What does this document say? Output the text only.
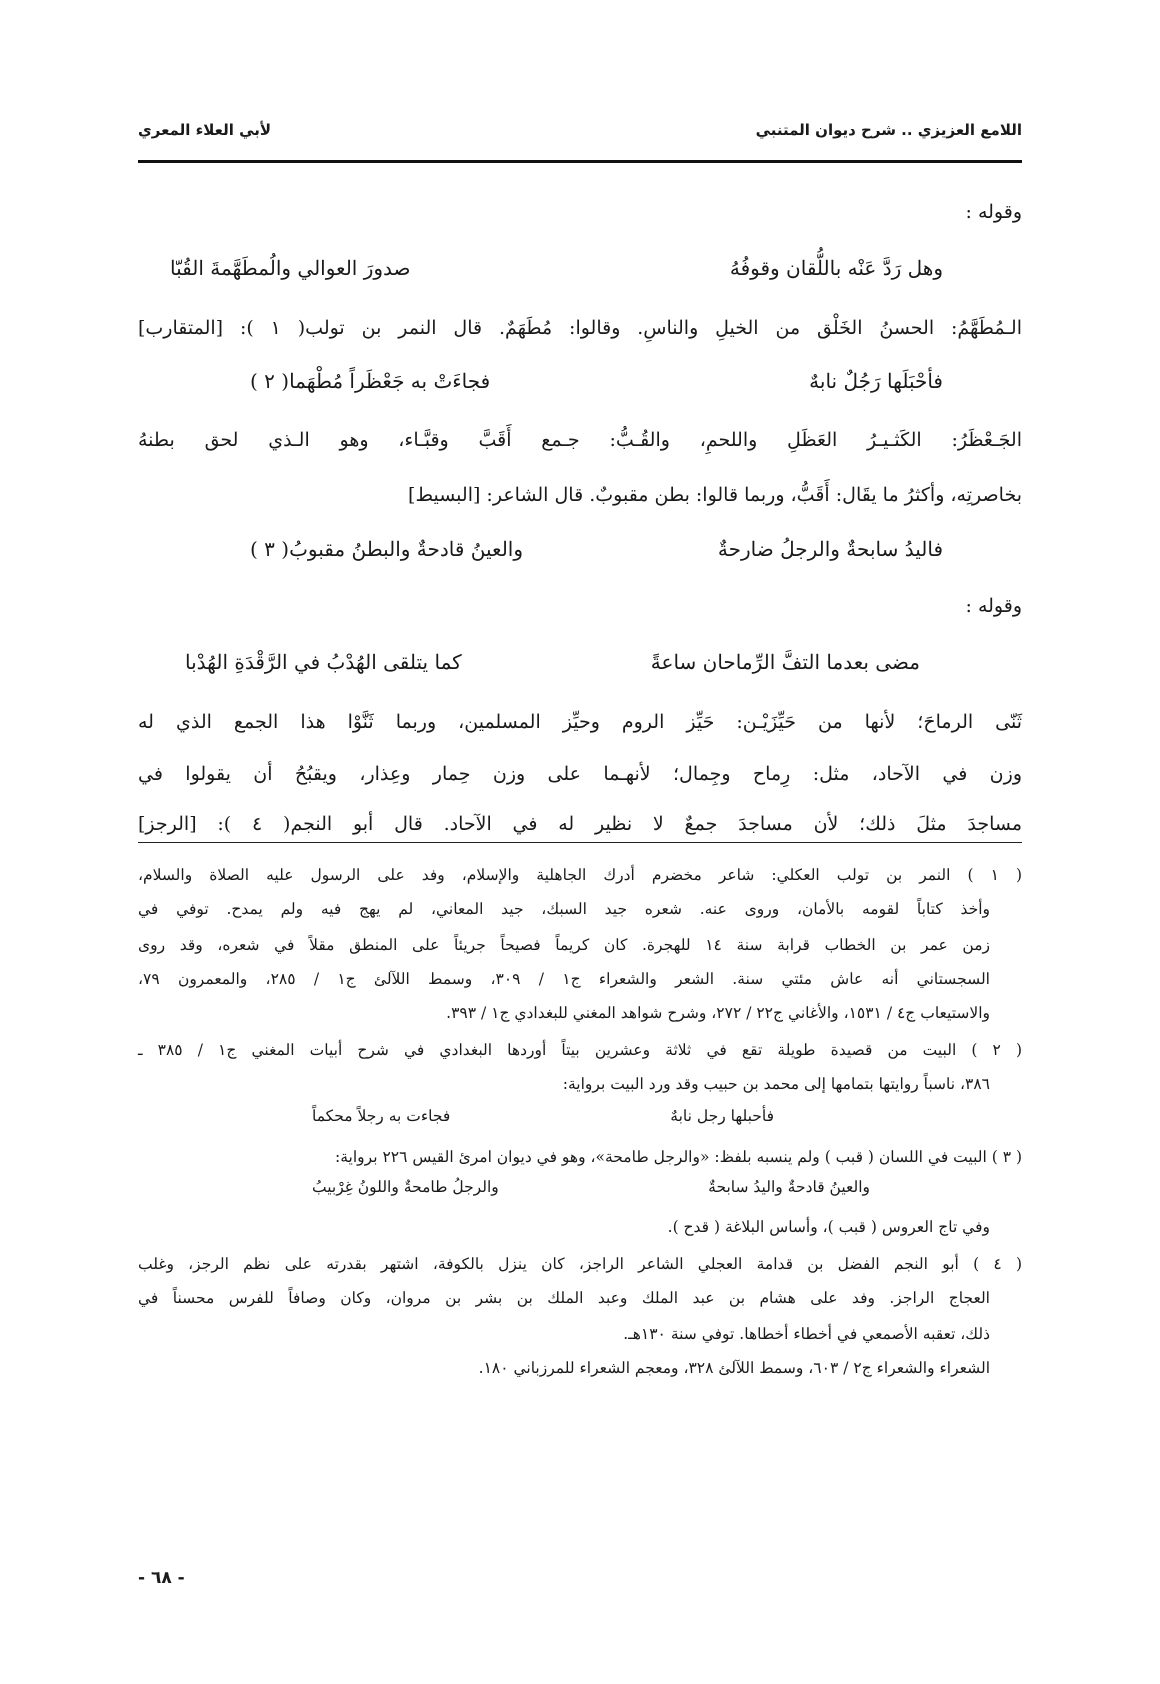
اللامع العزيزي .. شرح ديوان المتنبي
لأبي العلاء المعري
وقوله :
وهل رَدَّ عَنْه باللُّقان وقوفُهُ
صدورَ العوالي والُمطَهَّمةَ القُبّا
الـمُطَهَّمُ: الحسنُ الخَلْق من الخيلِ والناسِ. وقالوا: مُطَهَمٌ. قال النمر بن تولب( ١ ): [المتقارب]
فأحْبَلَها رَجُلٌ نابهٌ
فجاءَتْ به جَعْظَراً مُطْهَما( ٢ )
الجَـعْظَرُ: الكَثـيـرُ العَظَلِ واللحمِ، والقُـبُّ: جـمع أَقَبَّ وقبَّـاء، وهو الـذي لحق بطنهُ
بخاصرتِه، وأكثرُ ما يقَال: أَقَبُّ، وربما قالوا: بطن مقبوبٌ. قال الشاعر: [البسيط]
فاليدُ سابحةٌ والرجلُ ضارحةٌ
والعينُ قادحةٌ والبطنُ مقبوبُ( ٣ )
وقوله :
مضى بعدما التفَّ الرِّماحان ساعةً
كما يتلقى الهُدْبُ في الرَّقْدَةِ الهُدْبا
ثَنّى الرماحَ؛ لأنها من حَيِّزَيْـن: حَيِّز الروم وحيِّز المسلمين، وربما ثَنَّوْا هذا الجمع الذي له
وزن في الآحاد، مثل: رِماح وجِمال؛ لأنهـما على وزن حِمار وعِذار، ويقبُحُ أن يقولوا في
مساجدَ مثلَ ذلك؛ لأن مساجدَ جمعٌ لا نظير له في الآحاد. قال أبو النجم( ٤ ): [الرجز]
( ١ ) النمر بن تولب العكلي: شاعر مخضرم أدرك الجاهلية والإسلام، وفد على الرسول عليه الصلاة والسلام،
وأخذ كتاباً لقومه بالأمان، وروى عنه. شعره جيد السبك، جيد المعاني، لم يهج فيه ولم يمدح. توفي في
زمن عمر بن الخطاب قرابة سنة ١٤ للهجرة. كان كريماً فصيحاً جريئاً على المنطق مقلاً في شعره، وقد روى
السجستاني أنه عاش مئتي سنة. الشعر والشعراء ج١ / ٣٠٩، وسمط اللآلئ ج١ / ٢٨٥، والمعمرون ٧٩،
والاستيعاب ج٤ / ١٥٣١، والأغاني ج٢٢ / ٢٧٢، وشرح شواهد المغني للبغدادي ج١ / ٣٩٣.
( ٢ ) البيت من قصيدة طويلة تقع في ثلاثة وعشرين بيتاً أوردها البغدادي في شرح أبيات المغني ج١ / ٣٨٥ ـ
٣٨٦، ناسباً روايتها بتمامها إلى محمد بن حبيب وقد ورد البيت برواية:
فأحبلها رجل نابهٌ
فجاءت به رجلاً محكماً
( ٣ ) البيت في اللسان ( قبب ) ولم ينسبه بلفظ: «والرجل طامحة»، وهو في ديوان امرئ القيس ٢٢٦ برواية:
والعينُ قادحةٌ واليدُ سابحةٌ
والرجلُ طامحةٌ واللونُ غِرْبيبُ
وفي تاج العروس ( قبب )، وأساس البلاغة ( قدح ).
( ٤ ) أبو النجم الفضل بن قدامة العجلي الشاعر الراجز، كان ينزل بالكوفة، اشتهر بقدرته على نظم الرجز، وغلب
العجاج الراجز. وفد على هشام بن عبد الملك وعبد الملك بن بشر بن مروان، وكان وصافاً للفرس محسناً في
ذلك، تعقبه الأصمعي في أخطاء أخطاها. توفي سنة ١٣٠هـ.
الشعراء والشعراء ج٢ / ٦٠٣، وسمط اللآلئ ٣٢٨، ومعجم الشعراء للمرزباني ١٨٠.
- ٦٨ -
